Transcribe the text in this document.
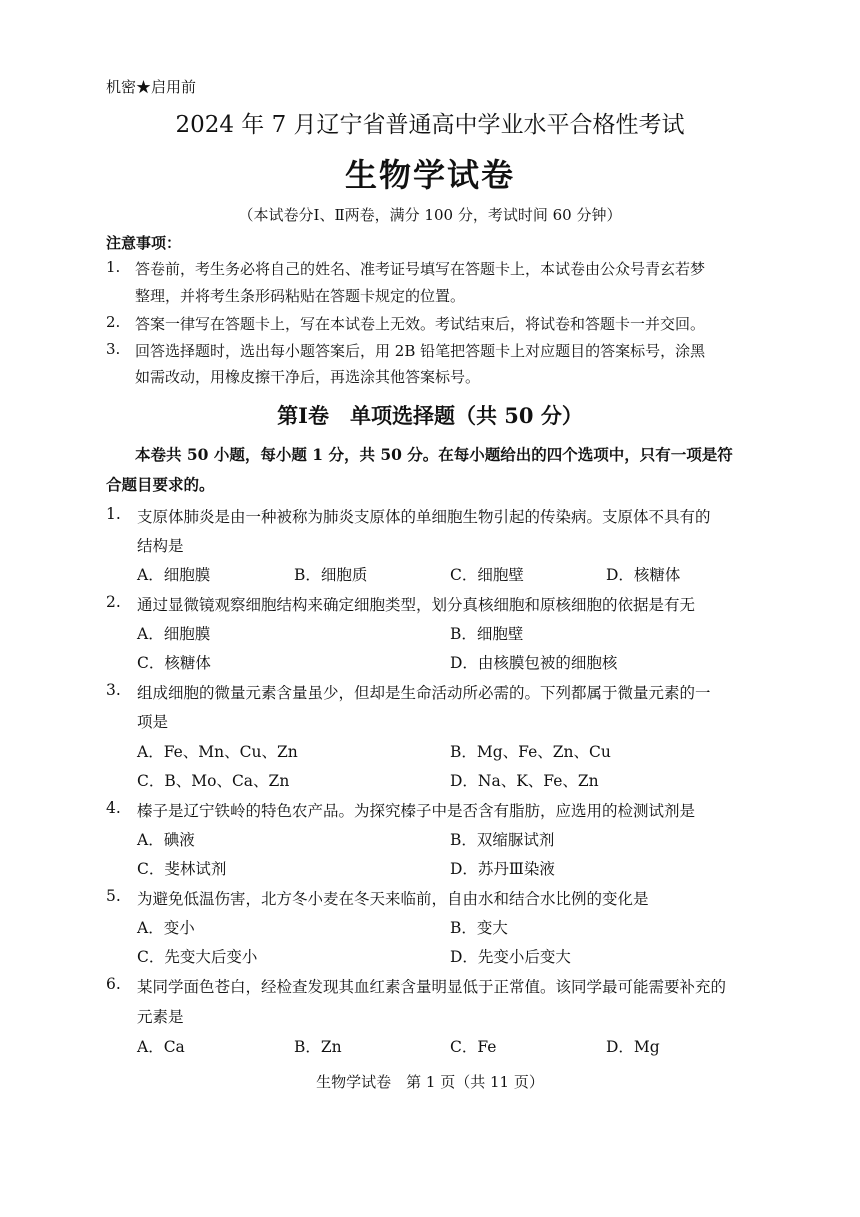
机密★启用前
2024 年 7 月辽宁省普通高中学业水平合格性考试
生物学试卷
（本试卷分Ⅰ、Ⅱ两卷，满分 100 分，考试时间 60 分钟）
注意事项：
1. 答卷前，考生务必将自己的姓名、准考证号填写在答题卡上，本试卷由公众号青玄若梦
整理，并将考生条形码粘贴在答题卡规定的位置。
2. 答案一律写在答题卡上，写在本试卷上无效。考试结束后，将试卷和答题卡一并交回。
3. 回答选择题时，选出每小题答案后，用 2B 铅笔把答题卡上对应题目的答案标号，涂黑
如需改动，用橡皮擦干净后，再选涂其他答案标号。
第Ⅰ卷　单项选择题（共 50 分）
本卷共 50 小题，每小题 1 分，共 50 分。在每小题给出的四个选项中，只有一项是符
合题目要求的。
1. 支原体肺炎是由一种被称为肺炎支原体的单细胞生物引起的传染病。支原体不具有的
结构是
A．细胞膜	B．细胞质	C．细胞壁	D．核糖体
2. 通过显微镜观察细胞结构来确定细胞类型，划分真核细胞和原核细胞的依据是有无
A．细胞膜	B．细胞壁
C．核糖体	D．由核膜包被的细胞核
3. 组成细胞的微量元素含量虽少，但却是生命活动所必需的。下列都属于微量元素的一
项是
A．Fe、Mn、Cu、Zn	B．Mg、Fe、Zn、Cu
C．B、Mo、Ca、Zn	D．Na、K、Fe、Zn
4. 榛子是辽宁铁岭的特色农产品。为探究榛子中是否含有脂肪，应选用的检测试剂是
A．碘液	B．双缩脲试剂
C．斐林试剂	D．苏丹Ⅲ染液
5. 为避免低温伤害，北方冬小麦在冬天来临前，自由水和结合水比例的变化是
A．变小	B．变大
C．先变大后变小	D．先变小后变大
6. 某同学面色苍白，经检查发现其血红素含量明显低于正常值。该同学最可能需要补充的
元素是
A．Ca	B．Zn	C．Fe	D．Mg
生物学试卷　第 1 页（共 11 页）
